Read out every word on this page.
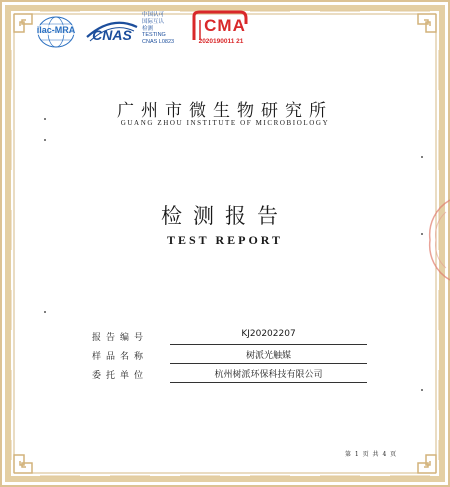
ilac-MRA	CNAS
中国认可
国际互认
检测
TESTING
CNAS L0823
CMA
2020190011 21
广州市微生物研究所
GUANG ZHOU INSTITUTE OF MICROBIOLOGY
检测报告
TEST REPORT
报告编号	KJ20202207
样品名称	树派光触媒
委托单位	杭州树派环保科技有限公司
第 1 页 共 4 页
